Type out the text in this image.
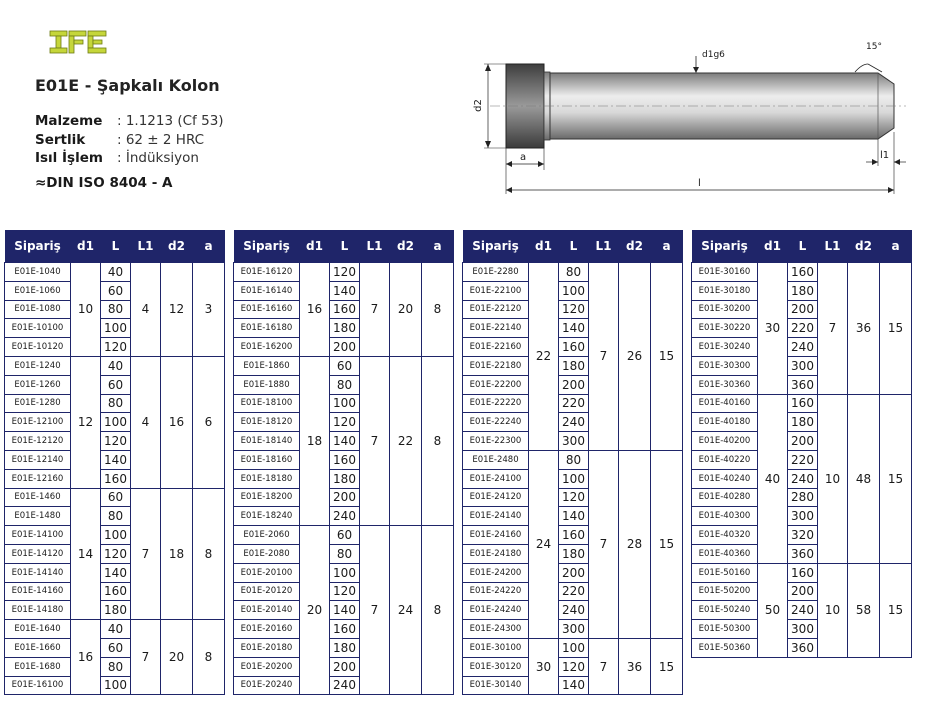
E01E - Şapkalı Kolon
Malzeme	: 1.1213 (Cf 53)
Sertlik	: 62 ± 2 HRC
Isıl İşlem	: İndüksiyon
≈DIN ISO 8404 - A
d1g6
15°
d2
a
l
l1
Sipariş	d1	L	L1	d2	a
E01E-1040	10	40	4	12	3
E01E-1060		60			
E01E-1080		80			
E01E-10100		100			
E01E-10120		120			
E01E-1240	12	40	4	16	6
E01E-1260		60			
E01E-1280		80			
E01E-12100		100			
E01E-12120		120			
E01E-12140		140			
E01E-12160		160			
E01E-1460	14	60	7	18	8
E01E-1480		80			
E01E-14100		100			
E01E-14120		120			
E01E-14140		140			
E01E-14160		160			
E01E-14180		180			
E01E-1640	16	40	7	20	8
E01E-1660		60			
E01E-1680		80			
E01E-16100		100			
Sipariş	d1	L	L1	d2	a
E01E-16120	16	120	7	20	8
E01E-16140		140			
E01E-16160		160			
E01E-16180		180			
E01E-16200		200			
E01E-1860	18	60	7	22	8
E01E-1880		80			
E01E-18100		100			
E01E-18120		120			
E01E-18140		140			
E01E-18160		160			
E01E-18180		180			
E01E-18200		200			
E01E-18240		240			
E01E-2060	20	60	7	24	8
E01E-2080		80			
E01E-20100		100			
E01E-20120		120			
E01E-20140		140			
E01E-20160		160			
E01E-20180		180			
E01E-20200		200			
E01E-20240		240			
Sipariş	d1	L	L1	d2	a
E01E-2280	22	80	7	26	15
E01E-22100		100			
E01E-22120		120			
E01E-22140		140			
E01E-22160		160			
E01E-22180		180			
E01E-22200		200			
E01E-22220		220			
E01E-22240		240			
E01E-22300		300			
E01E-2480	24	80	7	28	15
E01E-24100		100			
E01E-24120		120			
E01E-24140		140			
E01E-24160		160			
E01E-24180		180			
E01E-24200		200			
E01E-24220		220			
E01E-24240		240			
E01E-24300		300			
E01E-30100	30	100	7	36	15
E01E-30120		120			
E01E-30140		140			
Sipariş	d1	L	L1	d2	a
E01E-30160	30	160	7	36	15
E01E-30180		180			
E01E-30200		200			
E01E-30220		220			
E01E-30240		240			
E01E-30300		300			
E01E-30360		360			
E01E-40160	40	160	10	48	15
E01E-40180		180			
E01E-40200		200			
E01E-40220		220			
E01E-40240		240			
E01E-40280		280			
E01E-40300		300			
E01E-40320		320			
E01E-40360		360			
E01E-50160	50	160	10	58	15
E01E-50200		200			
E01E-50240		240			
E01E-50300		300			
E01E-50360		360			
